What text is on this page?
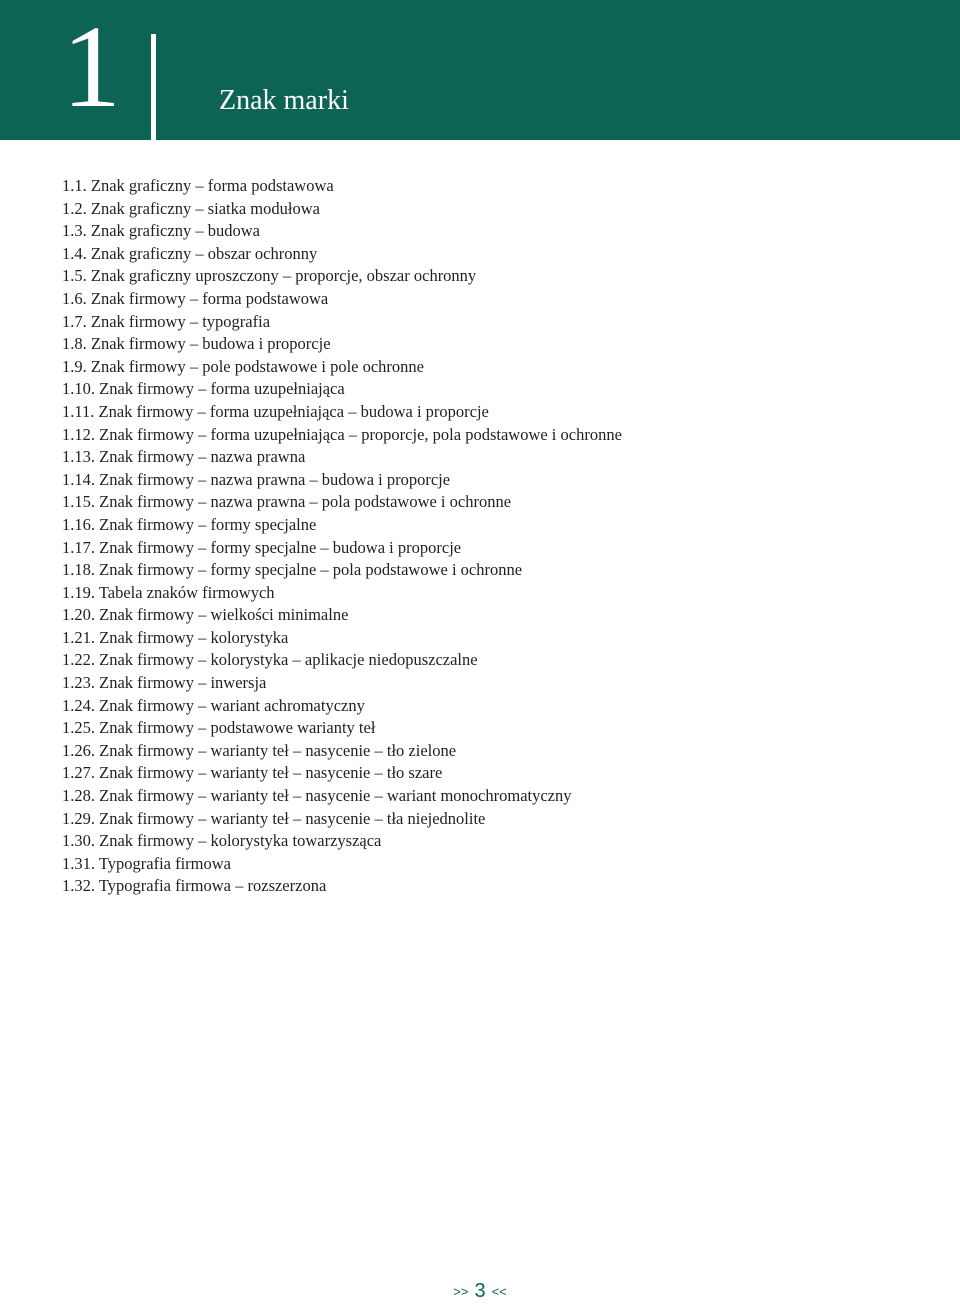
1	Znak marki
1.1. Znak graficzny – forma podstawowa
1.2. Znak graficzny – siatka modułowa
1.3. Znak graficzny – budowa
1.4. Znak graficzny – obszar ochronny
1.5. Znak graficzny uproszczony – proporcje, obszar ochronny
1.6. Znak firmowy – forma podstawowa
1.7. Znak firmowy – typografia
1.8. Znak firmowy – budowa i proporcje
1.9. Znak firmowy – pole podstawowe i pole ochronne
1.10. Znak firmowy – forma uzupełniająca
1.11. Znak firmowy – forma uzupełniająca – budowa i proporcje
1.12. Znak firmowy – forma uzupełniająca – proporcje, pola podstawowe i ochronne
1.13. Znak firmowy – nazwa prawna
1.14. Znak firmowy – nazwa prawna – budowa i proporcje
1.15. Znak firmowy – nazwa prawna – pola podstawowe i ochronne
1.16. Znak firmowy – formy specjalne
1.17. Znak firmowy – formy specjalne – budowa i proporcje
1.18. Znak firmowy – formy specjalne – pola podstawowe i ochronne
1.19. Tabela znaków firmowych
1.20. Znak firmowy – wielkości minimalne
1.21. Znak firmowy – kolorystyka
1.22. Znak firmowy – kolorystyka – aplikacje niedopuszczalne
1.23. Znak firmowy – inwersja
1.24. Znak firmowy – wariant achromatyczny
1.25. Znak firmowy – podstawowe warianty teł
1.26. Znak firmowy – warianty teł – nasycenie – tło zielone
1.27. Znak firmowy – warianty teł – nasycenie – tło szare
1.28. Znak firmowy – warianty teł – nasycenie – wariant monochromatyczny
1.29. Znak firmowy – warianty teł – nasycenie – tła niejednolite
1.30. Znak firmowy – kolorystyka towarzysząca
1.31. Typografia firmowa
1.32. Typografia firmowa – rozszerzona
>> 3 <<
